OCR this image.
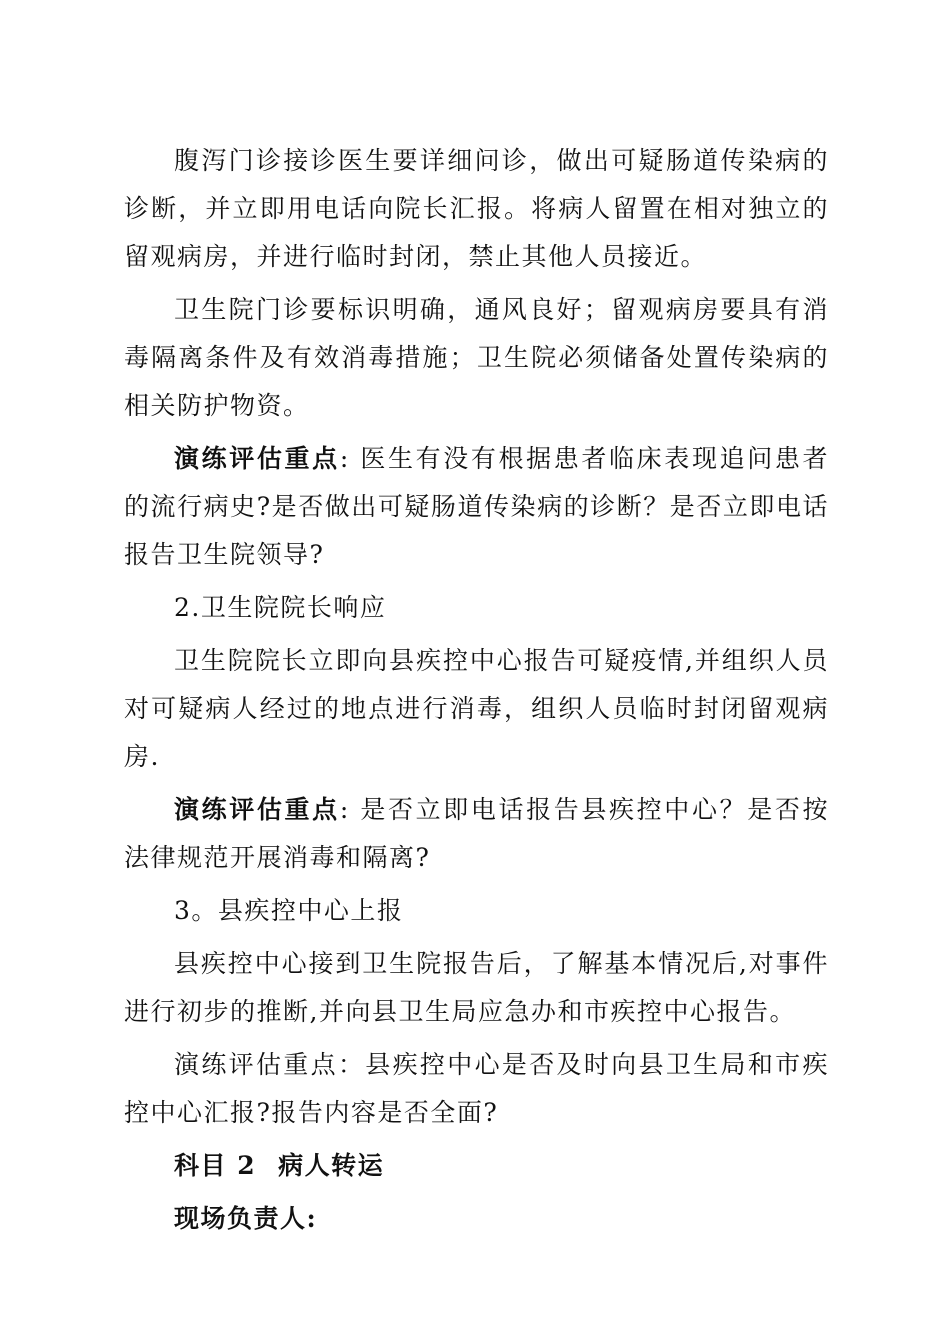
腹泻门诊接诊医生要详细问诊，做出可疑肠道传染病的诊断，并立即用电话向院长汇报。将病人留置在相对独立的留观病房，并进行临时封闭，禁止其他人员接近。

卫生院门诊要标识明确，通风良好；留观病房要具有消毒隔离条件及有效消毒措施；卫生院必须储备处置传染病的相关防护物资。

演练评估重点: 医生有没有根据患者临床表现追问患者的流行病史?是否做出可疑肠道传染病的诊断？是否立即电话报告卫生院领导?

2.卫生院院长响应

卫生院院长立即向县疾控中心报告可疑疫情,并组织人员对可疑病人经过的地点进行消毒，组织人员临时封闭留观病房.

演练评估重点: 是否立即电话报告县疾控中心？是否按法律规范开展消毒和隔离?

3。县疾控中心上报

县疾控中心接到卫生院报告后，了解基本情况后,对事件进行初步的推断,并向县卫生局应急办和市疾控中心报告。

演练评估重点：县疾控中心是否及时向县卫生局和市疾控中心汇报?报告内容是否全面?

科目 2 病人转运

现场负责人:
